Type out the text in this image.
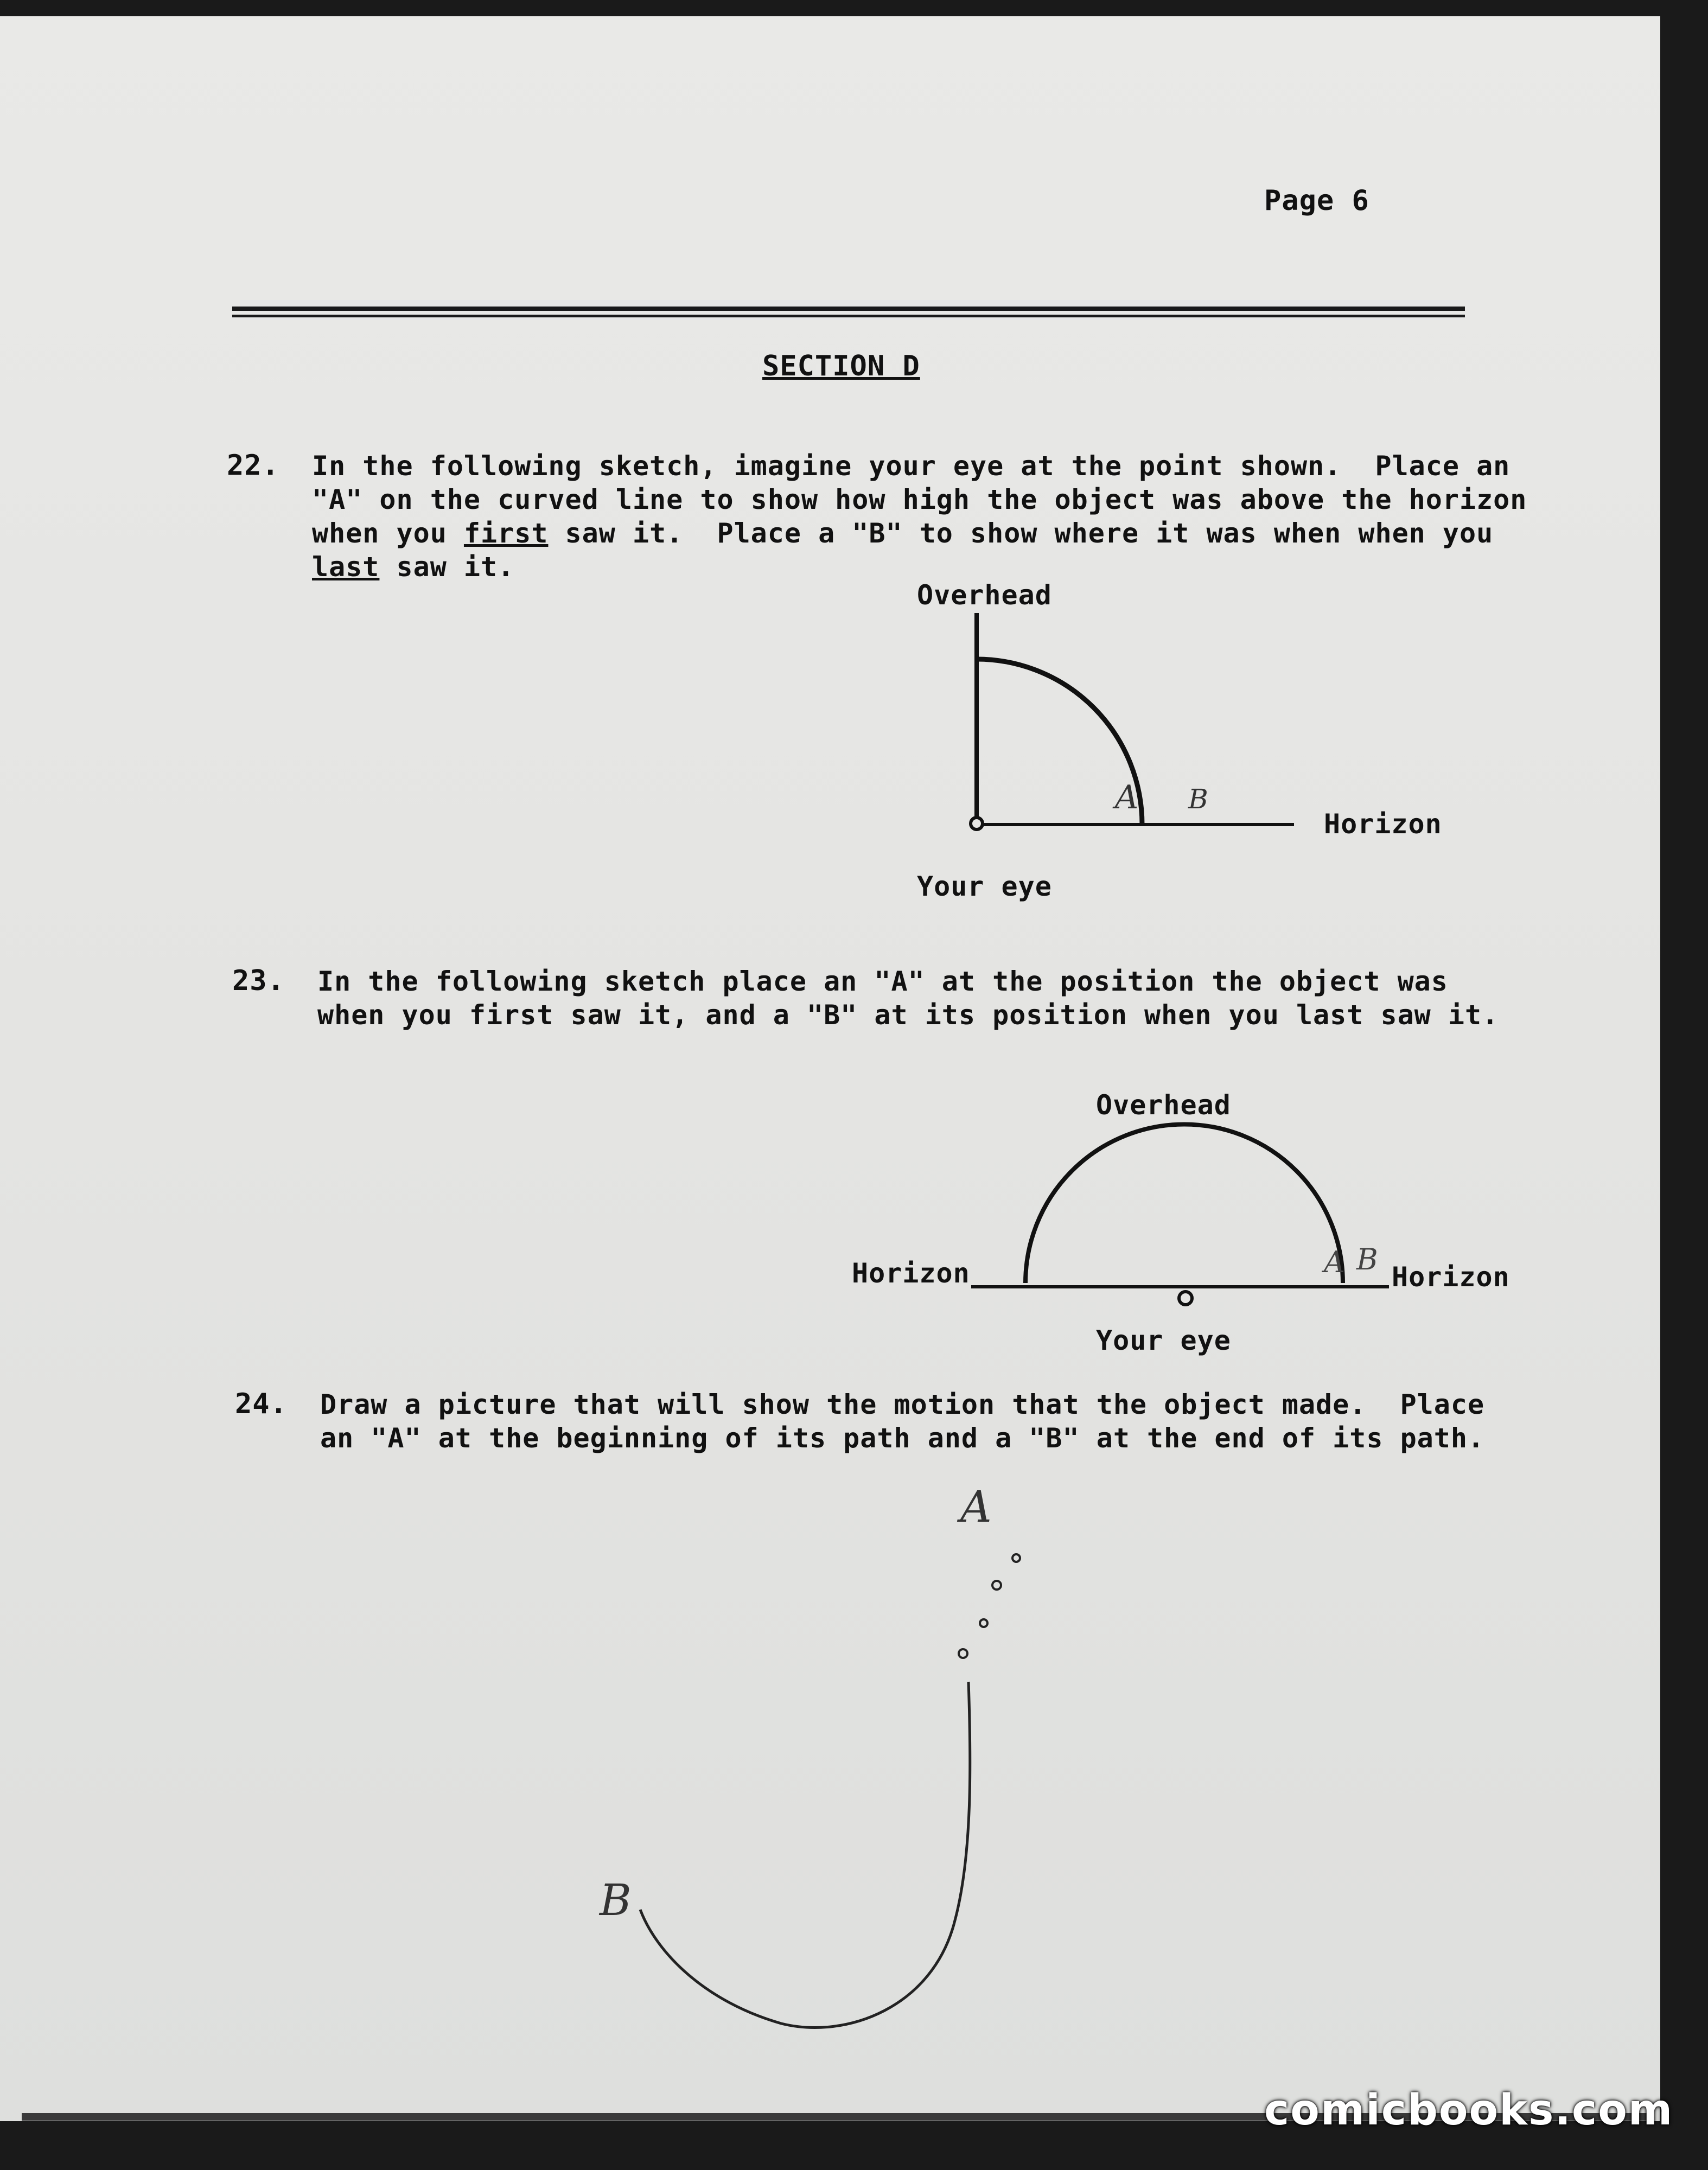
Page 6
SECTION D
22. In the following sketch, imagine your eye at the point shown.  Place an
"A" on the curved line to show how high the object was above the horizon
when you first saw it.  Place a "B" to show where it was when when you
last saw it.
Overhead
Horizon
Your eye
23. In the following sketch place an "A" at the position the object was
when you first saw it, and a "B" at its position when you last saw it.
Overhead
Horizon	Horizon
Your eye
24. Draw a picture that will show the motion that the object made.  Place
an "A" at the beginning of its path and a "B" at the end of its path.
A B
A B
A
B
comicbooks.com
